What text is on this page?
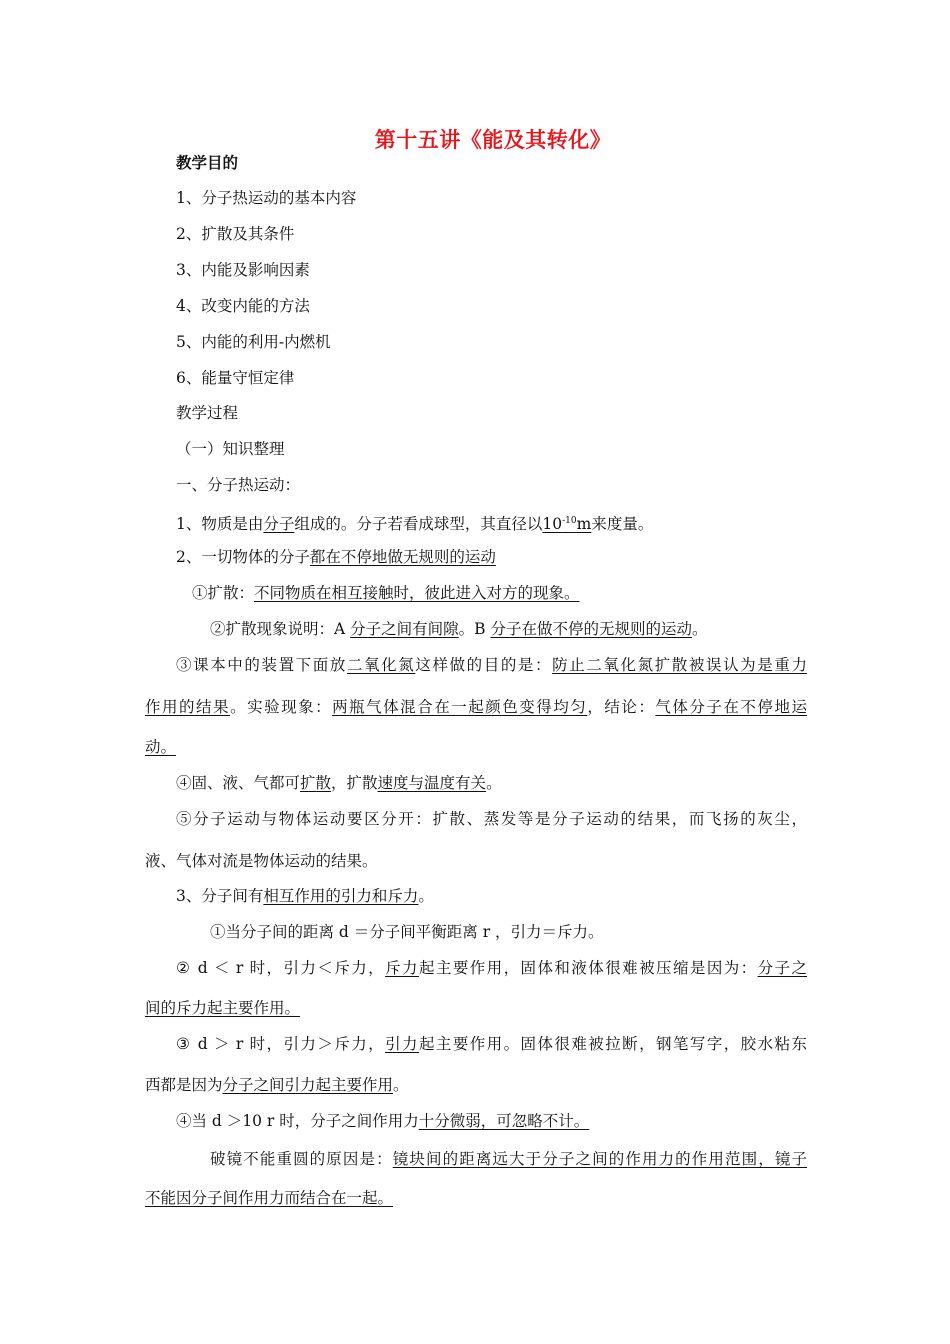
第十五讲《能及其转化》
教学目的
1、分子热运动的基本内容
2、扩散及其条件
3、内能及影响因素
4、改变内能的方法
5、内能的利用-内燃机
6、能量守恒定律
教学过程
（一）知识整理
一、分子热运动：
1、物质是由分子组成的。分子若看成球型，其直径以$10^{-10}m$来度量。
2、一切物体的分子都在不停地做无规则的运动
①扩散：不同物质在相互接触时，彼此进入对方的现象。
②扩散现象说明：A 分子之间有间隙。B 分子在做不停的无规则的运动。
③课本中的装置下面放二氧化氮这样做的目的是：防止二氧化氮扩散被误认为是重力
作用的结果。实验现象：两瓶气体混合在一起颜色变得均匀，结论：气体分子在不停地运
动。
④固、液、气都可扩散，扩散速度与温度有关。
⑤分子运动与物体运动要区分开：扩散、蒸发等是分子运动的结果，而飞扬的灰尘，
液、气体对流是物体运动的结果。
3、分子间有相互作用的引力和斥力。
①当分子间的距离 d ＝分子间平衡距离 r ，引力＝斥力。
② d ＜ r 时，引力＜斥力，斥力起主要作用，固体和液体很难被压缩是因为：分子之
间的斥力起主要作用。
③ d ＞ r 时，引力＞斥力，引力起主要作用。固体很难被拉断，钢笔写字，胶水粘东
西都是因为分子之间引力起主要作用。
④当 d ＞10 r 时，分子之间作用力十分微弱，可忽略不计。
破镜不能重圆的原因是：镜块间的距离远大于分子之间的作用力的作用范围，镜子
不能因分子间作用力而结合在一起。
